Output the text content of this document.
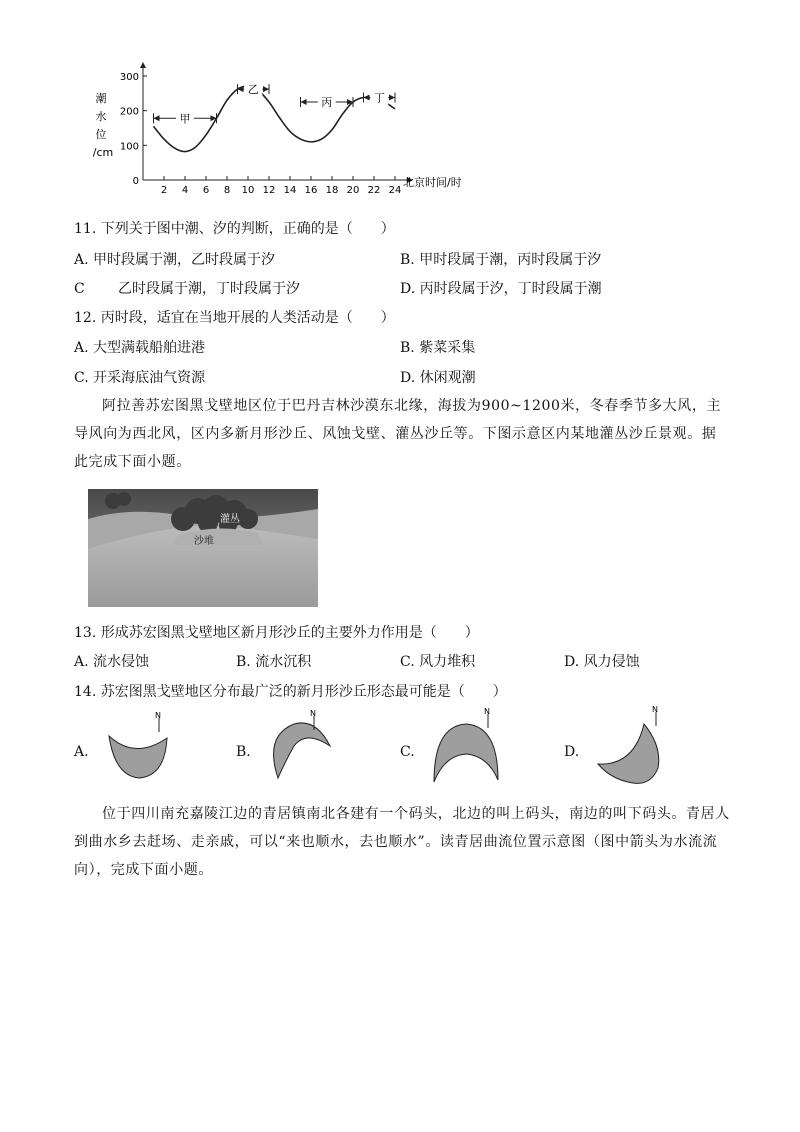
潮
水
位
/cm
北京时间/时
0
100
200
300
2 4 6 8 10 12 14 16 18 20 22 24
甲
乙
丙	丁
11. 下列关于图中潮、汐的判断，正确的是（　　）
A. 甲时段属于潮，乙时段属于汐	B. 甲时段属于潮，丙时段属于汐
C 乙时段属于潮，丁时段属于汐	D. 丙时段属于汐，丁时段属于潮
12. 丙时段，适宜在当地开展的人类活动是（　　）
A. 大型满载船舶进港	B. 紫菜采集
C. 开采海底油气资源	D. 休闲观潮
阿拉善苏宏图黑戈壁地区位于巴丹吉林沙漠东北缘，海拔为900~1200米，冬春季节多大风，主导风向为西北风，区内多新月形沙丘、风蚀戈壁、灌丛沙丘等。下图示意区内某地灌丛沙丘景观。据此完成下面小题。
灌丛
沙堆
13. 形成苏宏图黑戈壁地区新月形沙丘的主要外力作用是（　　）
A. 流水侵蚀	B. 流水沉积	C. 风力堆积	D. 风力侵蚀
14. 苏宏图黑戈壁地区分布最广泛的新月形沙丘形态最可能是（　　）
A.
N
B.
N
C.
N
D.
N
位于四川南充嘉陵江边的青居镇南北各建有一个码头，北边的叫上码头，南边的叫下码头。青居人到曲水乡去赶场、走亲戚，可以“来也顺水，去也顺水”。读青居曲流位置示意图（图中箭头为水流流向），完成下面小题。
